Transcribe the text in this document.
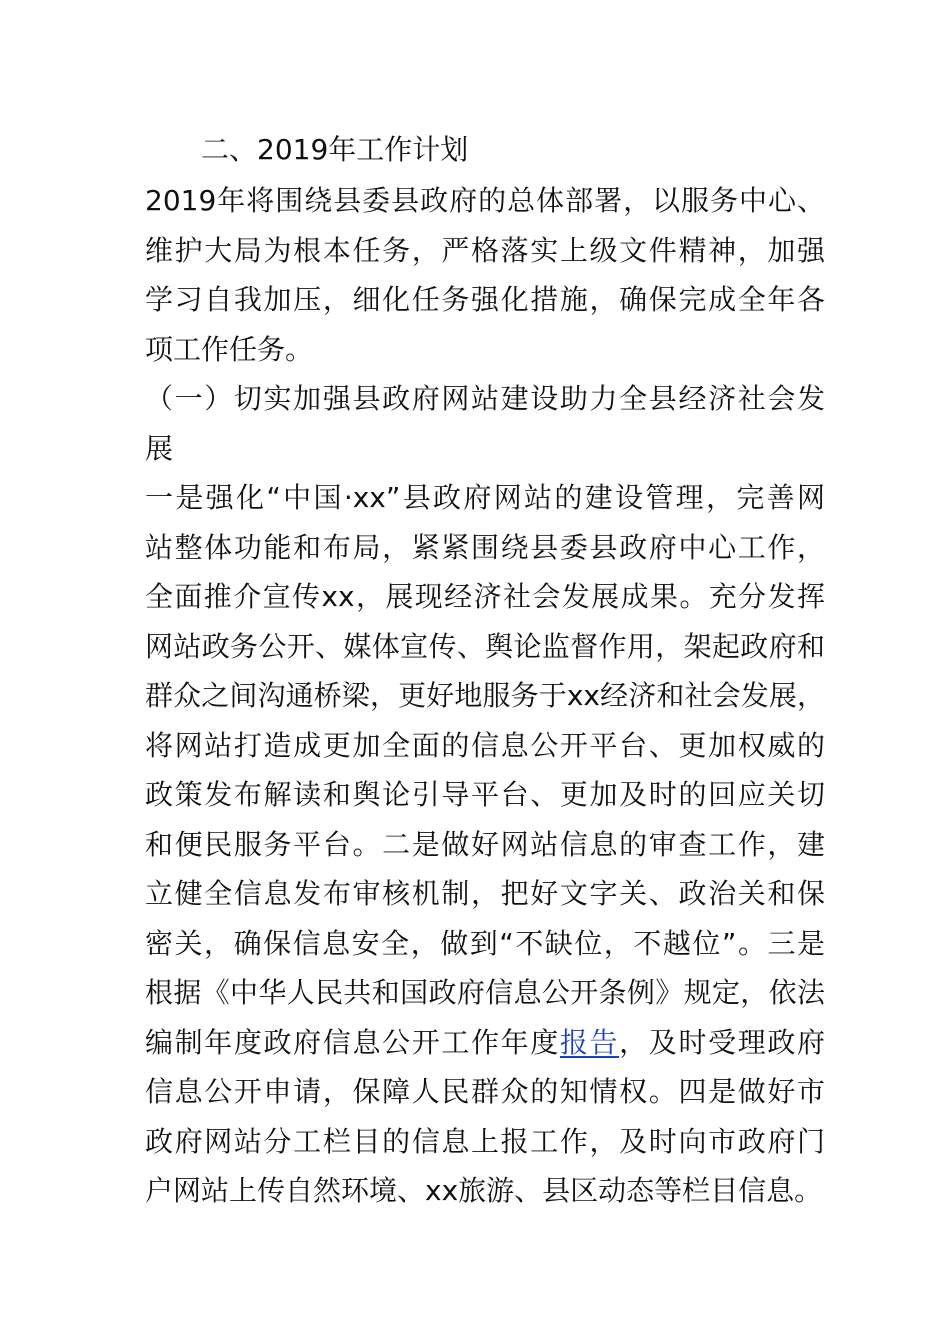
二、2019年工作计划
2019年将围绕县委县政府的总体部署，以服务中心、
维护大局为根本任务，严格落实上级文件精神，加强
学习自我加压，细化任务强化措施，确保完成全年各
项工作任务。
（一）切实加强县政府网站建设助力全县经济社会发
展
一是强化“中国·xx”县政府网站的建设管理，完善网
站整体功能和布局，紧紧围绕县委县政府中心工作，
全面推介宣传xx，展现经济社会发展成果。充分发挥
网站政务公开、媒体宣传、舆论监督作用，架起政府和
群众之间沟通桥梁，更好地服务于xx经济和社会发展，
将网站打造成更加全面的信息公开平台、更加权威的
政策发布解读和舆论引导平台、更加及时的回应关切
和便民服务平台。二是做好网站信息的审查工作，建
立健全信息发布审核机制，把好文字关、政治关和保
密关，确保信息安全，做到“不缺位，不越位”。三是
根据《中华人民共和国政府信息公开条例》规定，依法
编制年度政府信息公开工作年度报告，及时受理政府
信息公开申请，保障人民群众的知情权。四是做好市
政府网站分工栏目的信息上报工作，及时向市政府门
户网站上传自然环境、xx旅游、县区动态等栏目信息。
